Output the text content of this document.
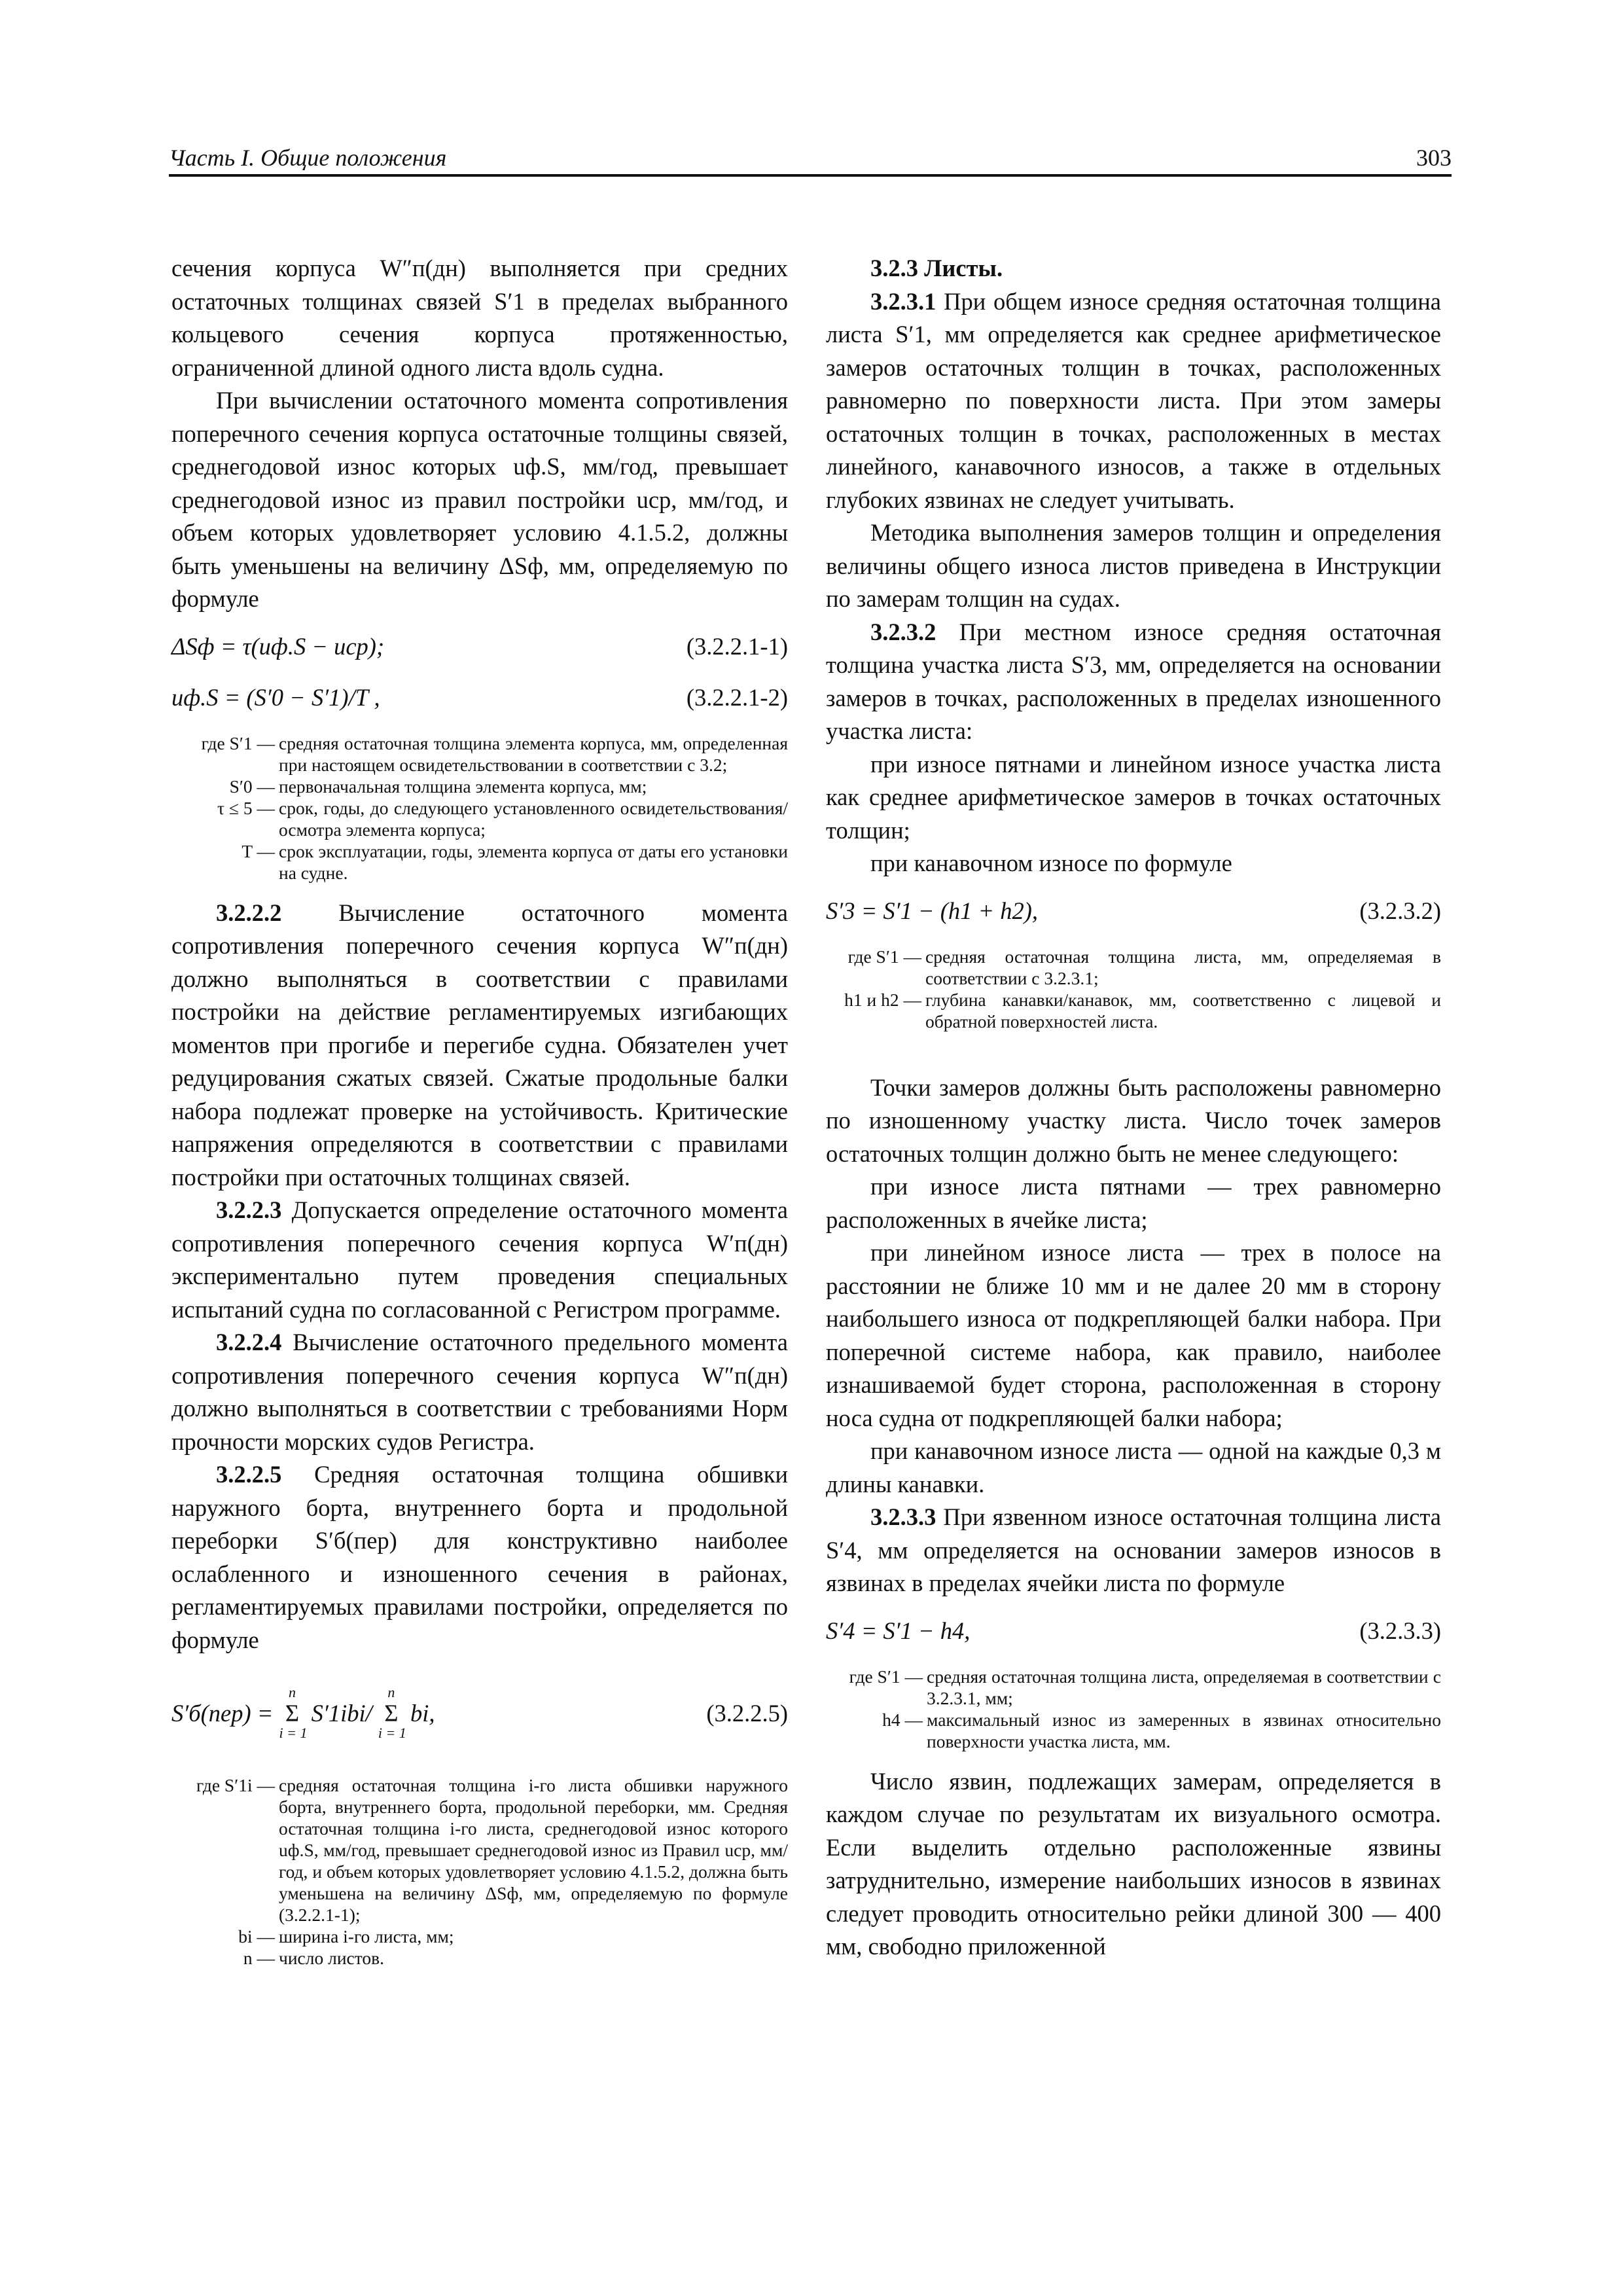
Часть I. Общие положения	303

сечения корпуса W″п(дн) выполняется при средних остаточных толщинах связей S′1 в пределах выбранного кольцевого сечения корпуса протяженностью, ограниченной длиной одного листа вдоль судна.

При вычислении остаточного момента сопротивления поперечного сечения корпуса остаточные толщины связей, среднегодовой износ которых uф.S, мм/год, превышает среднегодовой износ из правил постройки uср, мм/год, и объем которых удовлетворяет условию 4.1.5.2, должны быть уменьшены на величину ΔSф, мм, определяемую по формуле

ΔSф = τ(uф.S − uср);	(3.2.2.1-1)
uф.S = (S′0 − S′1)/T ,	(3.2.2.1-2)
где S′1 — средняя остаточная толщина элемента корпуса, мм, определенная при настоящем освидетельствовании в соответствии с 3.2;
S′0 — первоначальная толщина элемента корпуса, мм;
τ ≤ 5 — срок, годы, до следующего установленного освидетельствования/осмотра элемента корпуса;
T — срок эксплуатации, годы, элемента корпуса от даты его установки на судне.

3.2.2.2 Вычисление остаточного момента сопротивления поперечного сечения корпуса W″п(дн) должно выполняться в соответствии с правилами постройки на действие регламентируемых изгибающих моментов при прогибе и перегибе судна. Обязателен учет редуцирования сжатых связей. Сжатые продольные балки набора подлежат проверке на устойчивость. Критические напряжения определяются в соответствии с правилами постройки при остаточных толщинах связей.

3.2.2.3 Допускается определение остаточного момента сопротивления поперечного сечения корпуса W′п(дн) экспериментально путем проведения специальных испытаний судна по согласованной с Регистром программе.

3.2.2.4 Вычисление остаточного предельного момента сопротивления поперечного сечения корпуса W″п(дн) должно выполняться в соответствии с требованиями Норм прочности морских судов Регистра.

3.2.2.5 Средняя остаточная толщина обшивки наружного борта, внутреннего борта и продольной переборки S′б(пер) для конструктивно наиболее ослабленного и изношенного сечения в районах, регламентируемых правилами постройки, определяется по формуле

S′б(пер) =
n
Σ
i = 1
S′1ibi/
n
Σ
i = 1
bi,	(3.2.2.5)
где S′1i — средняя остаточная толщина i-го листа обшивки наружного борта, внутреннего борта, продольной переборки, мм. Средняя остаточная толщина i-го листа, среднегодовой износ которого uф.S, мм/год, превышает среднегодовой износ из Правил uср, мм/год, и объем которых удовлетворяет условию 4.1.5.2, должна быть уменьшена на величину ΔSф, мм, определяемую по формуле (3.2.2.1-1);
bi — ширина i-го листа, мм;
n — число листов.

3.2.3 Листы.

3.2.3.1 При общем износе средняя остаточная толщина листа S′1, мм определяется как среднее арифметическое замеров остаточных толщин в точках, расположенных равномерно по поверхности листа. При этом замеры остаточных толщин в точках, расположенных в местах линейного, канавочного износов, а также в отдельных глубоких язвинах не следует учитывать.

Методика выполнения замеров толщин и определения величины общего износа листов приведена в Инструкции по замерам толщин на судах.

3.2.3.2 При местном износе средняя остаточная толщина участка листа S′3, мм, определяется на основании замеров в точках, расположенных в пределах изношенного участка листа:

при износе пятнами и линейном износе участка листа как среднее арифметическое замеров в точках остаточных толщин;

при канавочном износе по формуле

S′3 = S′1 − (h1 + h2),	(3.2.3.2)
где S′1 — средняя остаточная толщина листа, мм, определяемая в соответствии с 3.2.3.1;
h1 и h2 — глубина канавки/канавок, мм, соответственно с лицевой и обратной поверхностей листа.

Точки замеров должны быть расположены равномерно по изношенному участку листа. Число точек замеров остаточных толщин должно быть не менее следующего:

при износе листа пятнами — трех равномерно расположенных в ячейке листа;

при линейном износе листа — трех в полосе на расстоянии не ближе 10 мм и не далее 20 мм в сторону наибольшего износа от подкрепляющей балки набора. При поперечной системе набора, как правило, наиболее изнашиваемой будет сторона, расположенная в сторону носа судна от подкрепляющей балки набора;

при канавочном износе листа — одной на каждые 0,3 м длины канавки.

3.2.3.3 При язвенном износе остаточная толщина листа S′4, мм определяется на основании замеров износов в язвинах в пределах ячейки листа по формуле

S′4 = S′1 − h4,	(3.2.3.3)
где S′1 — средняя остаточная толщина листа, определяемая в соответствии с 3.2.3.1, мм;
h4 — максимальный износ из замеренных в язвинах относительно поверхности участка листа, мм.

Число язвин, подлежащих замерам, определяется в каждом случае по результатам их визуального осмотра. Если выделить отдельно расположенные язвины затруднительно, измерение наибольших износов в язвинах следует проводить относительно рейки длиной 300 — 400 мм, свободно приложенной
